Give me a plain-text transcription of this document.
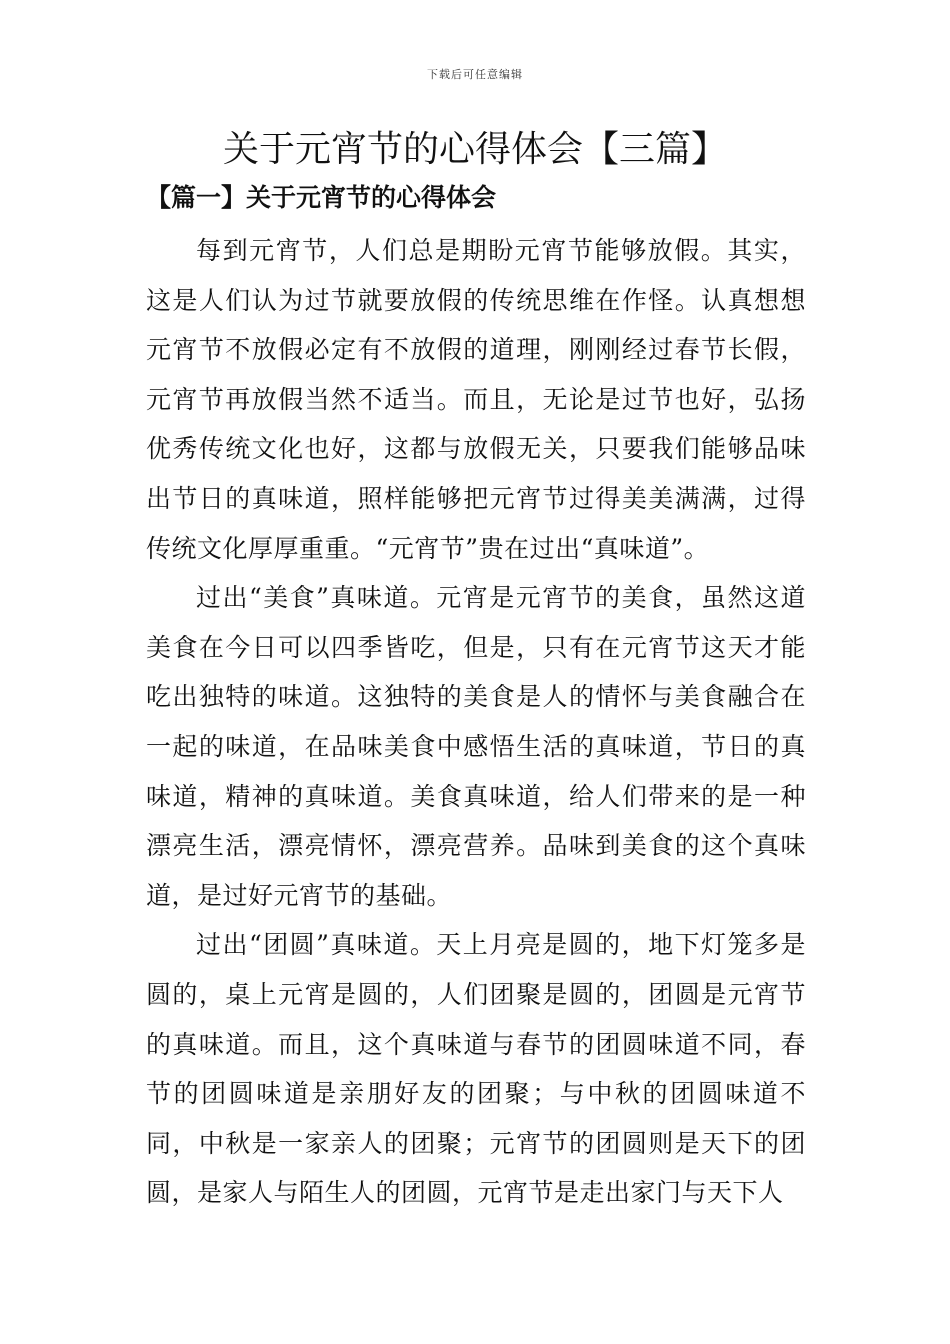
下载后可任意编辑
关于元宵节的心得体会【三篇】
【篇一】关于元宵节的心得体会

每到元宵节，人们总是期盼元宵节能够放假。其实，这是人们认为过节就要放假的传统思维在作怪。认真想想元宵节不放假必定有不放假的道理，刚刚经过春节长假，元宵节再放假当然不适当。而且，无论是过节也好，弘扬优秀传统文化也好，这都与放假无关，只要我们能够品味出节日的真味道，照样能够把元宵节过得美美满满，过得传统文化厚厚重重。“元宵节”贵在过出“真味道”。

过出“美食”真味道。元宵是元宵节的美食，虽然这道美食在今日可以四季皆吃，但是，只有在元宵节这天才能吃出独特的味道。这独特的美食是人的情怀与美食融合在一起的味道，在品味美食中感悟生活的真味道，节日的真味道，精神的真味道。美食真味道，给人们带来的是一种漂亮生活，漂亮情怀，漂亮营养。品味到美食的这个真味道，是过好元宵节的基础。

过出“团圆”真味道。天上月亮是圆的，地下灯笼多是圆的，桌上元宵是圆的，人们团聚是圆的，团圆是元宵节的真味道。而且，这个真味道与春节的团圆味道不同，春节的团圆味道是亲朋好友的团聚；与中秋的团圆味道不同，中秋是一家亲人的团聚；元宵节的团圆则是天下的团圆，是家人与陌生人的团圆，元宵节是走出家门与天下人
